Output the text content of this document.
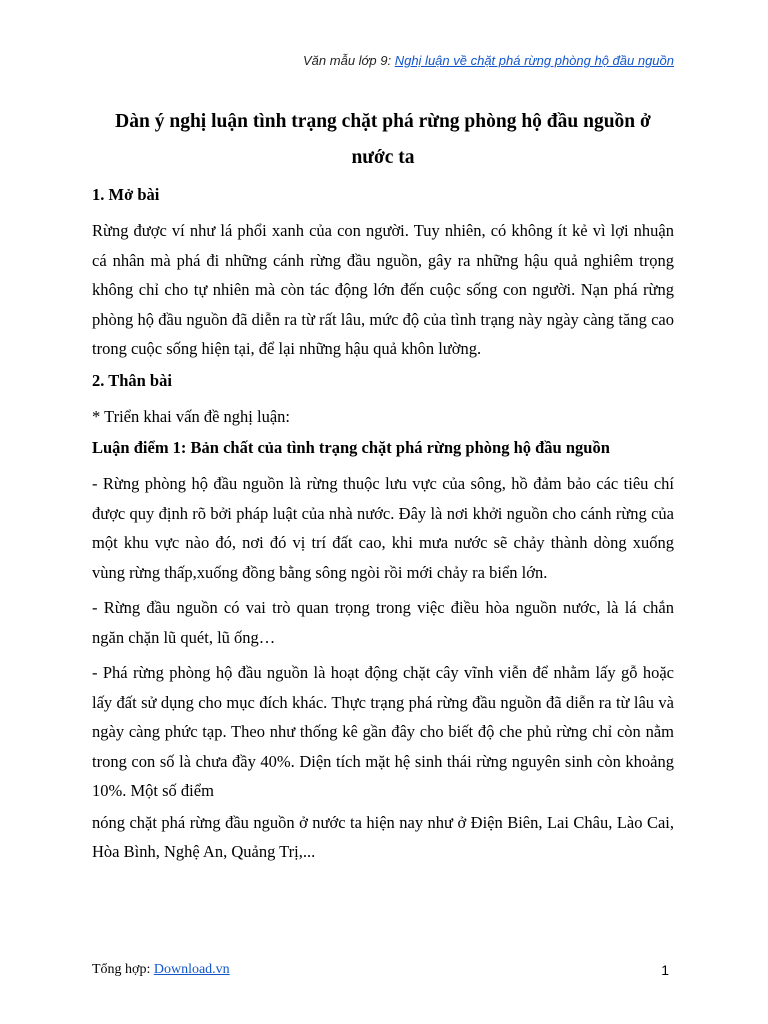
Văn mẫu lớp 9: Nghị luận về chặt phá rừng phòng hộ đầu nguồn
Dàn ý nghị luận tình trạng chặt phá rừng phòng hộ đầu nguồn ở nước ta
1. Mở bài
Rừng được ví như lá phổi xanh của con người. Tuy nhiên, có không ít kẻ vì lợi nhuận cá nhân mà phá đi những cánh rừng đầu nguồn, gây ra những hậu quả nghiêm trọng không chỉ cho tự nhiên mà còn tác động lớn đến cuộc sống con người. Nạn phá rừng phòng hộ đầu nguồn đã diễn ra từ rất lâu, mức độ của tình trạng này ngày càng tăng cao trong cuộc sống hiện tại, để lại những hậu quả khôn lường.
2. Thân bài
* Triển khai vấn đề nghị luận:
Luận điểm 1: Bản chất của tình trạng chặt phá rừng phòng hộ đầu nguồn
- Rừng phòng hộ đầu nguồn là rừng thuộc lưu vực của sông, hồ đảm bảo các tiêu chí được quy định rõ bởi pháp luật của nhà nước. Đây là nơi khởi nguồn cho cánh rừng của một khu vực nào đó, nơi đó vị trí đất cao, khi mưa nước sẽ chảy thành dòng xuống vùng rừng thấp,xuống đồng bằng sông ngòi rồi mới chảy ra biển lớn.
- Rừng đầu nguồn có vai trò quan trọng trong việc điều hòa nguồn nước, là lá chắn ngăn chặn lũ quét, lũ ống…
- Phá rừng phòng hộ đầu nguồn là hoạt động chặt cây vĩnh viễn để nhằm lấy gỗ hoặc lấy đất sử dụng cho mục đích khác. Thực trạng phá rừng đầu nguồn đã diễn ra từ lâu và ngày càng phức tạp. Theo như thống kê gần đây cho biết độ che phủ rừng chỉ còn nằm trong con số là chưa đầy 40%. Diện tích mặt hệ sinh thái rừng nguyên sinh còn khoảng 10%. Một số điểm
nóng chặt phá rừng đầu nguồn ở nước ta hiện nay như ở Điện Biên, Lai Châu, Lào Cai, Hòa Bình, Nghệ An, Quảng Trị,...
Tổng hợp: Download.vn	1
